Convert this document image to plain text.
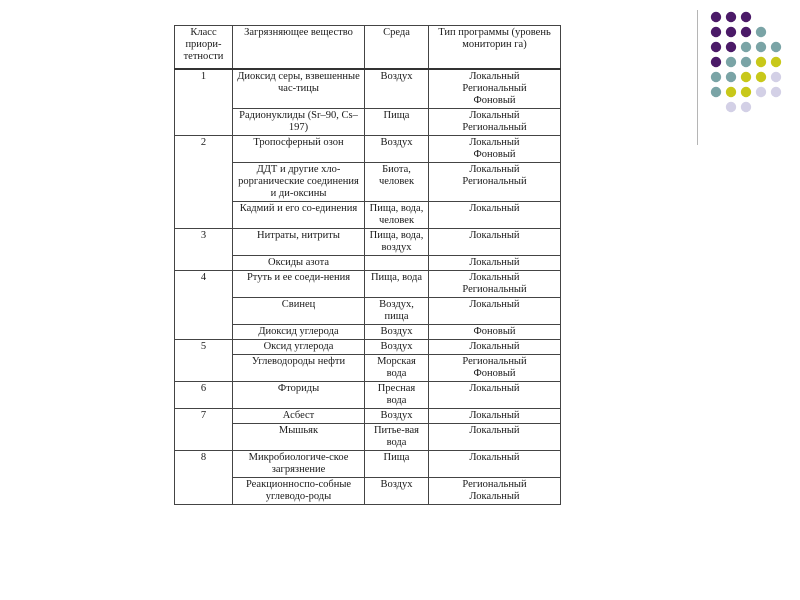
Класс приори-тетности	Загрязняющее вещество	Среда	Тип программы (уровень мониторин га)
1	Диоксид серы, взвешенные час-тицы	Воздух	Локальный
Региональный
Фоновый

	Радионуклиды (Sr–90, Cs–197)	Пища	Локальный
Региональный

2	Тропосферный озон	Воздух	Локальный
Фоновый

	ДДТ и другие хло-рорганические соединения и ди-оксины	Биота, человек	Локальный
Региональный

	Кадмий и его со-единения	Пища, вода, человек	Локальный

3	Нитраты, нитриты	Пища, вода, воздух	Локальный

	Оксиды азота		Локальный

4	Ртуть и ее соеди-нения	Пища, вода	Локальный
Региональный

	Свинец	Воздух, пища	Локальный

	Диоксид углерода	Воздух	Фоновый

5	Оксид углерода	Воздух	Локальный

	Углеводороды нефти	Морская вода	Региональный
Фоновый

6	Фториды	Пресная вода	Локальный

7	Асбест	Воздух	Локальный

	Мышьяк	Питье-вая вода	Локальный

8	Микробиологиче-ское загрязнение	Пища	Локальный

	Реакционноспо-собные углеводо-роды	Воздух	Региональный
Локальный
